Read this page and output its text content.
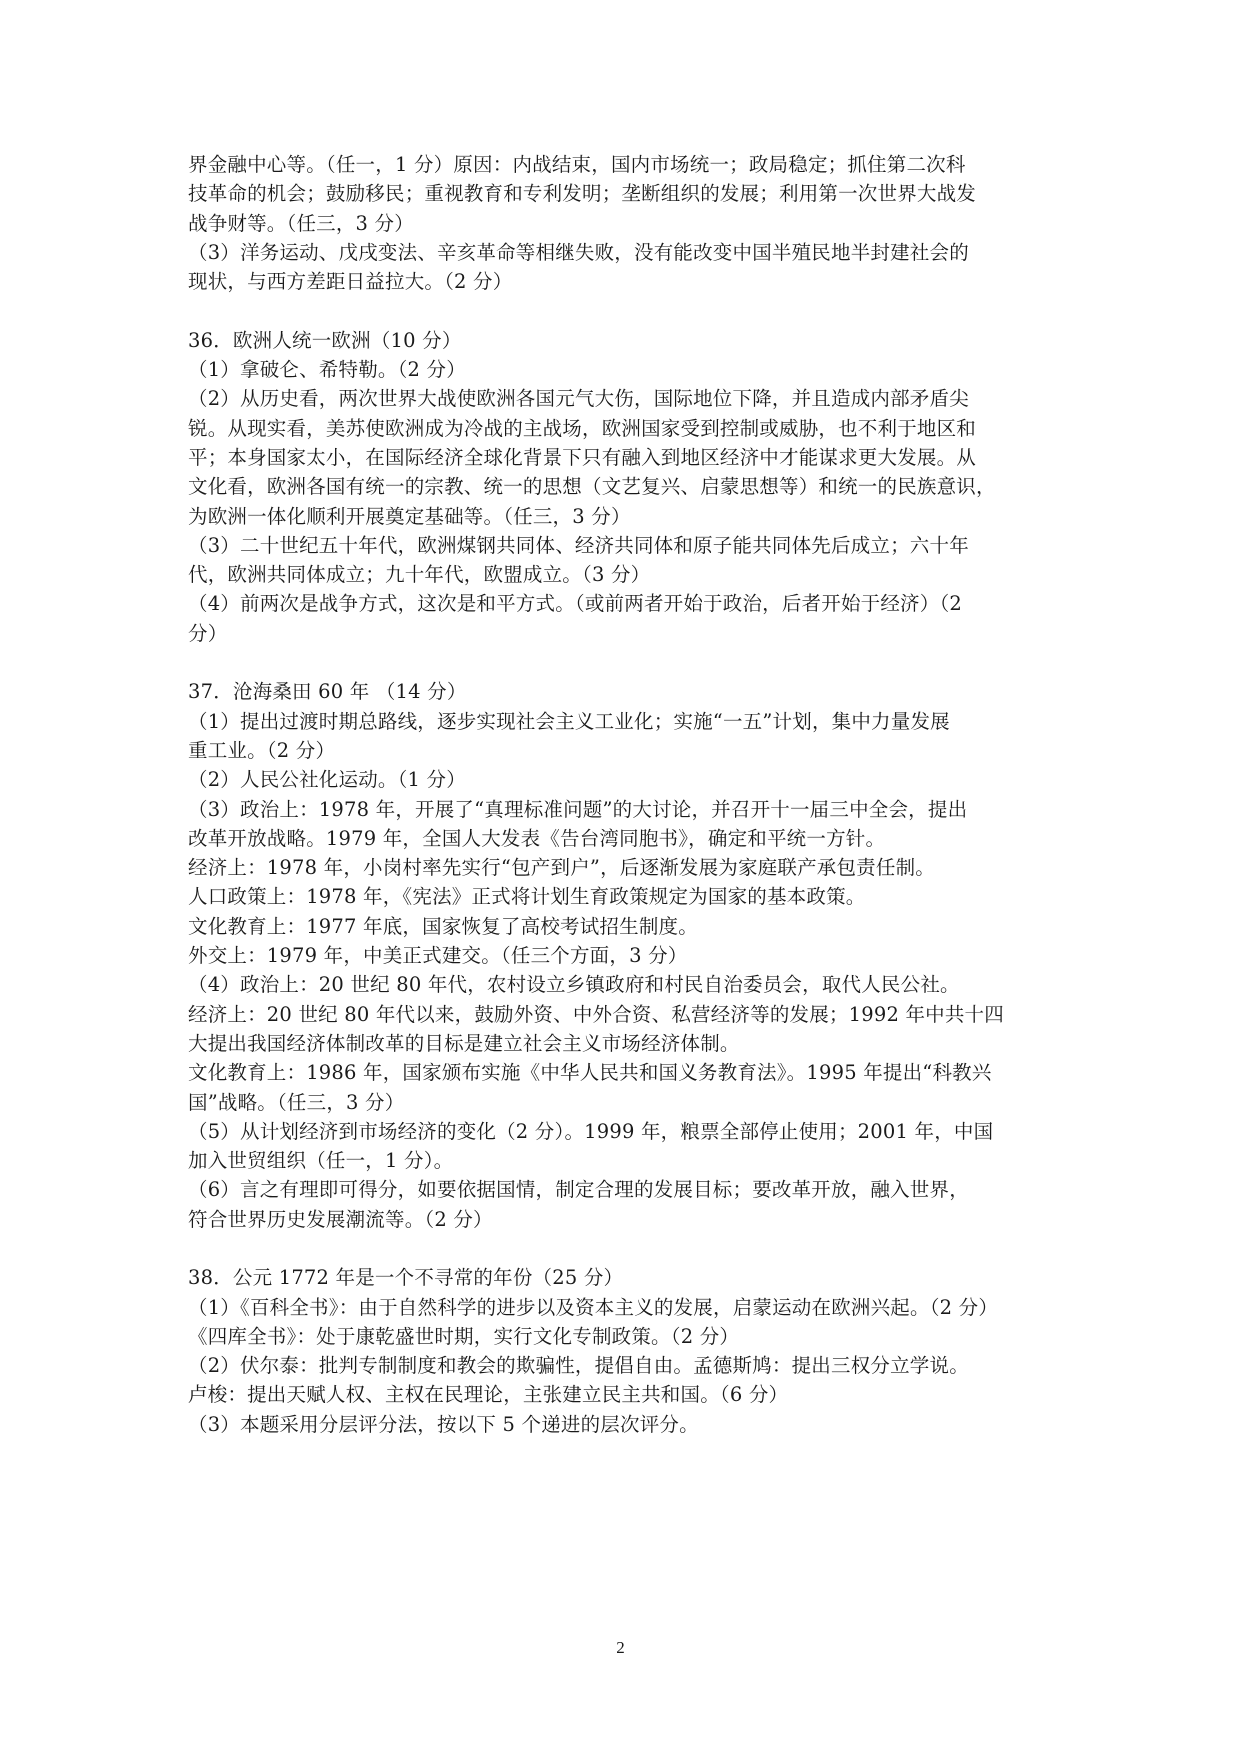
界金融中心等。（任一，1 分）原因：内战结束，国内市场统一；政局稳定；抓住第二次科
技革命的机会；鼓励移民；重视教育和专利发明；垄断组织的发展；利用第一次世界大战发
战争财等。（任三，3 分）
（3）洋务运动、戊戌变法、辛亥革命等相继失败，没有能改变中国半殖民地半封建社会的
现状，与西方差距日益拉大。（2 分）
36．欧洲人统一欧洲（10 分）
（1）拿破仑、希特勒。（2 分）
（2）从历史看，两次世界大战使欧洲各国元气大伤，国际地位下降，并且造成内部矛盾尖
锐。从现实看，美苏使欧洲成为冷战的主战场，欧洲国家受到控制或威胁，也不利于地区和
平；本身国家太小，在国际经济全球化背景下只有融入到地区经济中才能谋求更大发展。从
文化看，欧洲各国有统一的宗教、统一的思想（文艺复兴、启蒙思想等）和统一的民族意识，
为欧洲一体化顺利开展奠定基础等。（任三，3 分）
（3）二十世纪五十年代，欧洲煤钢共同体、经济共同体和原子能共同体先后成立；六十年
代，欧洲共同体成立；九十年代，欧盟成立。（3 分）
（4）前两次是战争方式，这次是和平方式。（或前两者开始于政治，后者开始于经济）（2
分）
37．沧海桑田 60 年 （14 分）
（1）提出过渡时期总路线，逐步实现社会主义工业化；实施“一五”计划，集中力量发展
重工业。（2 分）
（2）人民公社化运动。（1 分）
（3）政治上：1978 年，开展了“真理标准问题”的大讨论，并召开十一届三中全会，提出
改革开放战略。1979 年，全国人大发表《告台湾同胞书》，确定和平统一方针。
经济上：1978 年，小岗村率先实行“包产到户”，后逐渐发展为家庭联产承包责任制。
人口政策上：1978 年，《宪法》正式将计划生育政策规定为国家的基本政策。
文化教育上：1977 年底，国家恢复了高校考试招生制度。
外交上：1979 年，中美正式建交。（任三个方面，3 分）
（4）政治上：20 世纪 80 年代，农村设立乡镇政府和村民自治委员会，取代人民公社。
经济上：20 世纪 80 年代以来，鼓励外资、中外合资、私营经济等的发展；1992 年中共十四
大提出我国经济体制改革的目标是建立社会主义市场经济体制。
文化教育上：1986 年，国家颁布实施《中华人民共和国义务教育法》。1995 年提出“科教兴
国”战略。（任三，3 分）
（5）从计划经济到市场经济的变化（2 分）。1999 年，粮票全部停止使用；2001 年，中国
加入世贸组织（任一，1 分）。
（6）言之有理即可得分，如要依据国情，制定合理的发展目标；要改革开放，融入世界，
符合世界历史发展潮流等。（2 分）
38．公元 1772 年是一个不寻常的年份（25 分）
（1）《百科全书》：由于自然科学的进步以及资本主义的发展，启蒙运动在欧洲兴起。（2 分）
《四库全书》：处于康乾盛世时期，实行文化专制政策。（2 分）
（2）伏尔泰：批判专制制度和教会的欺骗性，提倡自由。孟德斯鸠：提出三权分立学说。
卢梭：提出天赋人权、主权在民理论，主张建立民主共和国。（6 分）
（3）本题采用分层评分法，按以下 5 个递进的层次评分。
2
